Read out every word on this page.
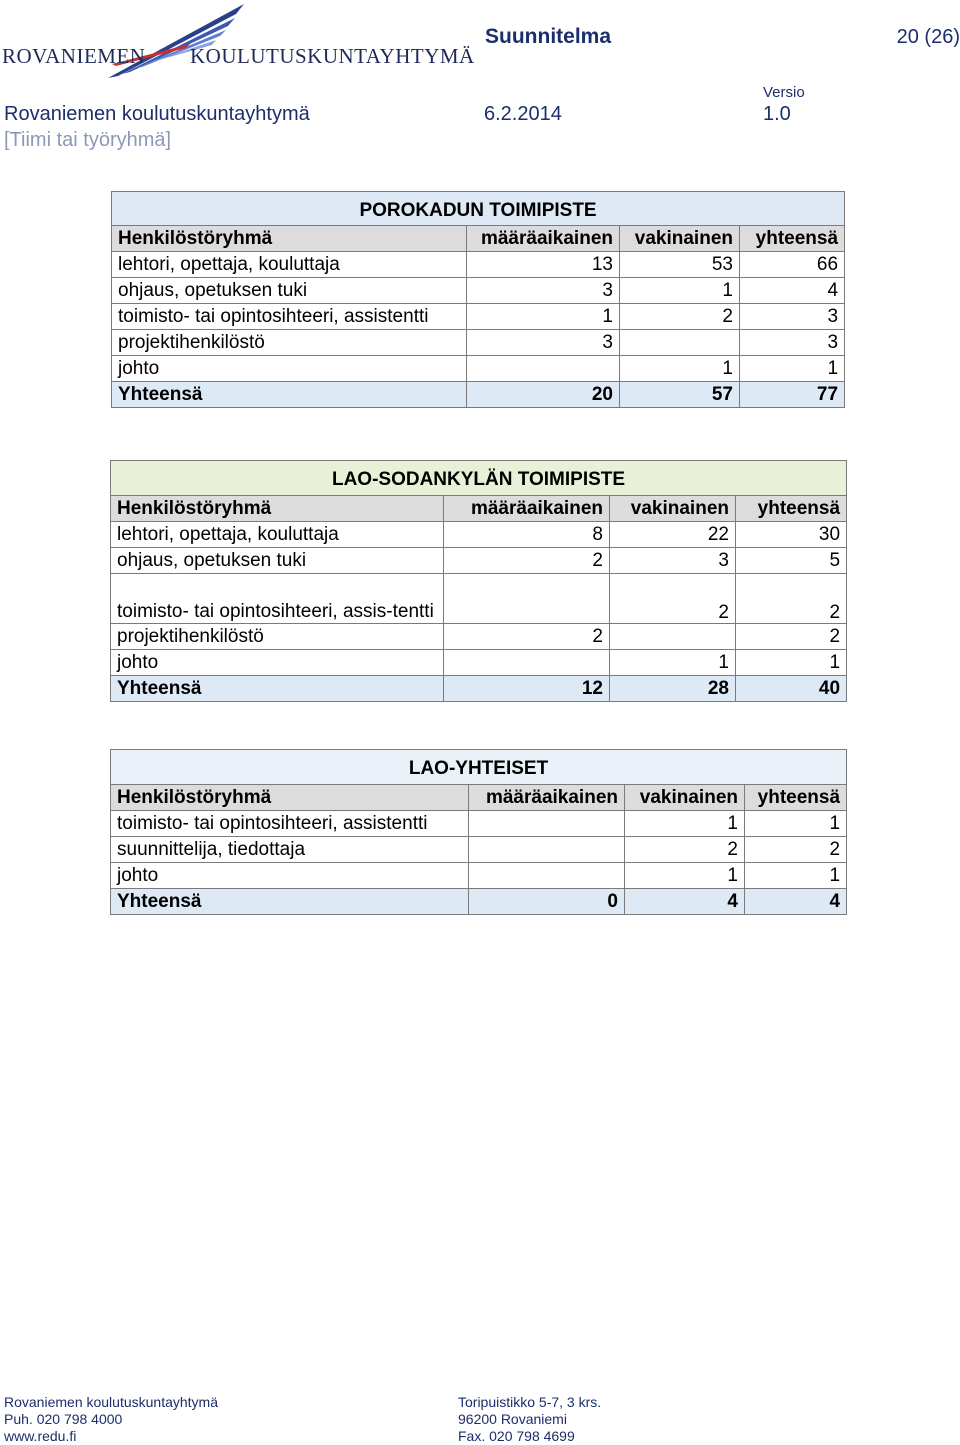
ROVANIEMEN KOULUTUSKUNTAYHTYMÄ
Suunnitelma	20 (26)
Rovaniemen koulutuskuntayhtymä	6.2.2014
Versio
1.0
[Tiimi tai työryhmä]
POROKADUN TOIMIPISTE			
Henkilöstöryhmä	määräaikainen	vakinainen	yhteensä
lehtori, opettaja, kouluttaja	13	53	66
ohjaus, opetuksen tuki	3	1	4
toimisto- tai opintosihteeri, assistentti	1	2	3
projektihenkilöstö	3		3
johto		1	1
Yhteensä	20	57	77
LAO-SODANKYLÄN TOIMIPISTE			
Henkilöstöryhmä	määräaikainen	vakinainen	yhteensä
lehtori, opettaja, kouluttaja	8	22	30
ohjaus, opetuksen tuki	2	3	5
toimisto- tai opintosihteeri, assis-tentti		2	2
projektihenkilöstö	2		2
johto		1	1
Yhteensä	12	28	40
LAO-YHTEISET			
Henkilöstöryhmä	määräaikainen	vakinainen	yhteensä
toimisto- tai opintosihteeri, assistentti		1	1
suunnittelija, tiedottaja		2	2
johto		1	1
Yhteensä	0	4	4
Rovaniemen koulutuskuntayhtymä
Puh. 020 798 4000
www.redu.fi
Toripuistikko 5-7, 3 krs.
96200 Rovaniemi
Fax. 020 798 4699
